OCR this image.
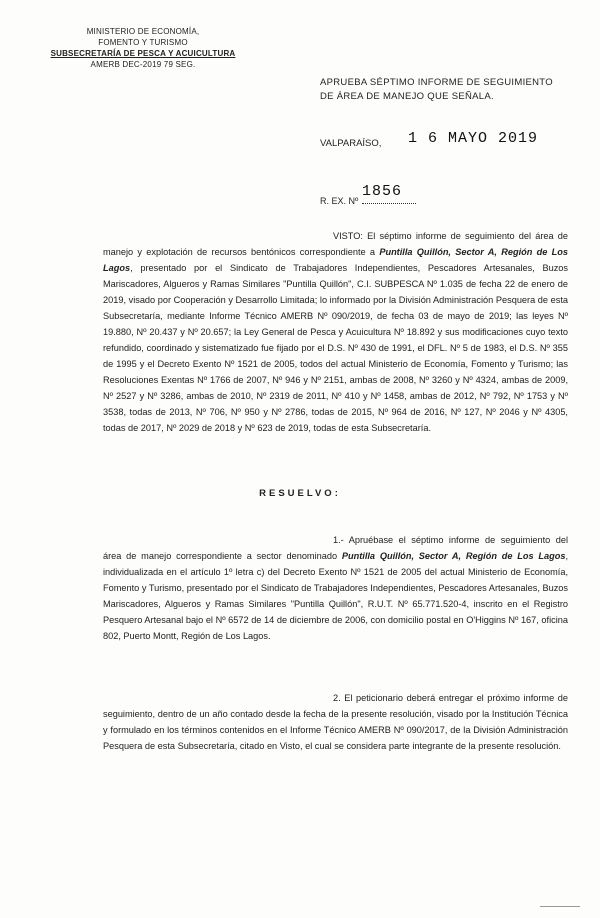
MINISTERIO DE ECONOMÍA,
FOMENTO Y TURISMO
SUBSECRETARÍA DE PESCA Y ACUICULTURA
AMERB DEC-2019 79 SEG.
APRUEBA SÉPTIMO INFORME DE SEGUIMIENTO
DE ÁREA DE MANEJO QUE SEÑALA.
VALPARAÍSO, 1 6 MAYO 2019
R. EX. Nº
1856
VISTO: El séptimo informe de seguimiento del área de manejo y explotación de recursos bentónicos correspondiente a Puntilla Quillón, Sector A, Región de Los Lagos, presentado por el Sindicato de Trabajadores Independientes, Pescadores Artesanales, Buzos Mariscadores, Algueros y Ramas Similares "Puntilla Quillón", C.I. SUBPESCA Nº 1.035 de fecha 22 de enero de 2019, visado por Cooperación y Desarrollo Limitada; lo informado por la División Administración Pesquera de esta Subsecretaría, mediante Informe Técnico AMERB Nº 090/2019, de fecha 03 de mayo de 2019; las leyes Nº 19.880, Nº 20.437 y Nº 20.657; la Ley General de Pesca y Acuicultura Nº 18.892 y sus modificaciones cuyo texto refundido, coordinado y sistematizado fue fijado por el D.S. Nº 430 de 1991, el DFL. Nº 5 de 1983, el D.S. Nº 355 de 1995 y el Decreto Exento Nº 1521 de 2005, todos del actual Ministerio de Economía, Fomento y Turismo; las Resoluciones Exentas Nº 1766 de 2007, Nº 946 y Nº 2151, ambas de 2008, Nº 3260 y Nº 4324, ambas de 2009, Nº 2527 y Nº 3286, ambas de 2010, Nº 2319 de 2011, Nº 410 y Nº 1458, ambas de 2012, Nº 792, Nº 1753 y Nº 3538, todas de 2013, Nº 706, Nº 950 y Nº 2786, todas de 2015, Nº 964 de 2016, Nº 127, Nº 2046 y Nº 4305, todas de 2017, Nº 2029 de 2018 y Nº 623 de 2019, todas de esta Subsecretaría.
RESUELVO:
1.- Apruébase el séptimo informe de seguimiento del área de manejo correspondiente a sector denominado Puntilla Quillón, Sector A, Región de Los Lagos, individualizada en el artículo 1º letra c) del Decreto Exento Nº 1521 de 2005 del actual Ministerio de Economía, Fomento y Turismo, presentado por el Sindicato de Trabajadores Independientes, Pescadores Artesanales, Buzos Mariscadores, Algueros y Ramas Similares "Puntilla Quillón", R.U.T. Nº 65.771.520-4, inscrito en el Registro Pesquero Artesanal bajo el Nº 6572 de 14 de diciembre de 2006, con domicilio postal en O'Higgins Nº 167, oficina 802, Puerto Montt, Región de Los Lagos.
2. El peticionario deberá entregar el próximo informe de seguimiento, dentro de un año contado desde la fecha de la presente resolución, visado por la Institución Técnica y formulado en los términos contenidos en el Informe Técnico AMERB Nº 090/2017, de la División Administración Pesquera de esta Subsecretaría, citado en Visto, el cual se considera parte integrante de la presente resolución.
